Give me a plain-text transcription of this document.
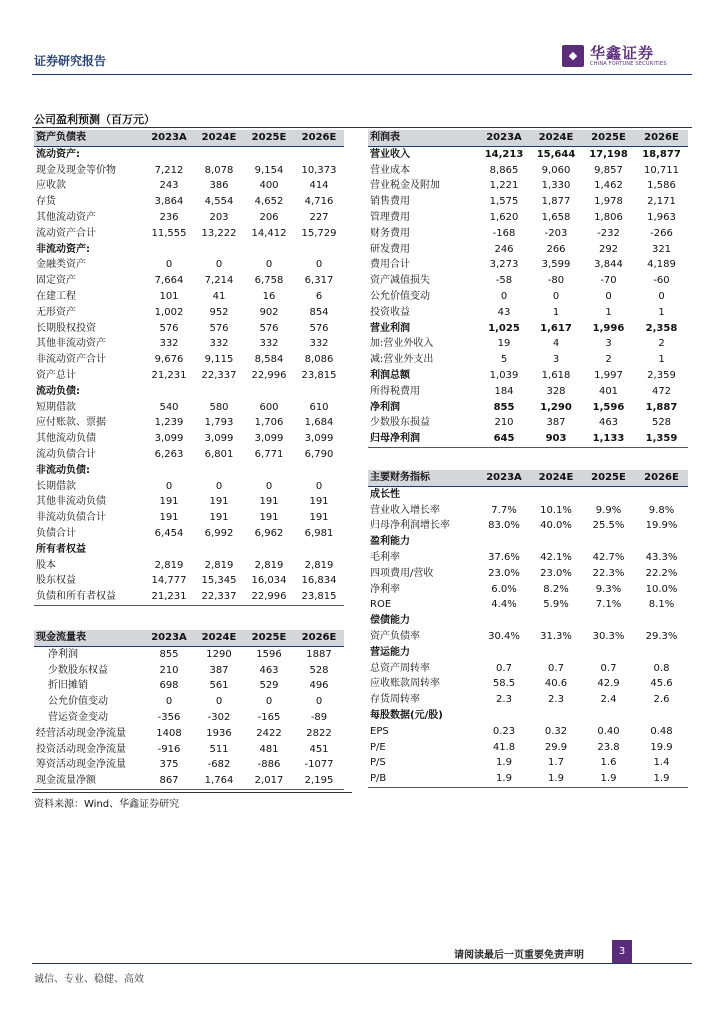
证券研究报告	◆ 华鑫证券
CHINA FORTUNE SECURITIES
公司盈利预测（百万元）
资产负债表	2023A	2024E	2025E	2026E
流动资产:				
现金及现金等价物	7,212	8,078	9,154	10,373
应收款	243	386	400	414
存货	3,864	4,554	4,652	4,716
其他流动资产	236	203	206	227
流动资产合计	11,555	13,222	14,412	15,729
非流动资产:				
金融类资产	0	0	0	0
固定资产	7,664	7,214	6,758	6,317
在建工程	101	41	16	6
无形资产	1,002	952	902	854
长期股权投资	576	576	576	576
其他非流动资产	332	332	332	332
非流动资产合计	9,676	9,115	8,584	8,086
资产总计	21,231	22,337	22,996	23,815
流动负债:				
短期借款	540	580	600	610
应付账款、票据	1,239	1,793	1,706	1,684
其他流动负债	3,099	3,099	3,099	3,099
流动负债合计	6,263	6,801	6,771	6,790
非流动负债:				
长期借款	0	0	0	0
其他非流动负债	191	191	191	191
非流动负债合计	191	191	191	191
负债合计	6,454	6,992	6,962	6,981
所有者权益				
股本	2,819	2,819	2,819	2,819
股东权益	14,777	15,345	16,034	16,834
负债和所有者权益	21,231	22,337	22,996	23,815
现金流量表	2023A	2024E	2025E	2026E
净利润	855	1290	1596	1887
少数股东权益	210	387	463	528
折旧摊销	698	561	529	496
公允价值变动	0	0	0	0
营运资金变动	-356	-302	-165	-89
经营活动现金净流量	1408	1936	2422	2822
投资活动现金净流量	-916	511	481	451
筹资活动现金净流量	375	-682	-886	-1077
现金流量净额	867	1,764	2,017	2,195
利润表	2023A	2024E	2025E	2026E
营业收入	14,213	15,644	17,198	18,877
营业成本	8,865	9,060	9,857	10,711
营业税金及附加	1,221	1,330	1,462	1,586
销售费用	1,575	1,877	1,978	2,171
管理费用	1,620	1,658	1,806	1,963
财务费用	-168	-203	-232	-266
研发费用	246	266	292	321
费用合计	3,273	3,599	3,844	4,189
资产减值损失	-58	-80	-70	-60
公允价值变动	0	0	0	0
投资收益	43	1	1	1
营业利润	1,025	1,617	1,996	2,358
加:营业外收入	19	4	3	2
减:营业外支出	5	3	2	1
利润总额	1,039	1,618	1,997	2,359
所得税费用	184	328	401	472
净利润	855	1,290	1,596	1,887
少数股东损益	210	387	463	528
归母净利润	645	903	1,133	1,359
主要财务指标	2023A	2024E	2025E	2026E
成长性				
营业收入增长率	7.7%	10.1%	9.9%	9.8%
归母净利润增长率	83.0%	40.0%	25.5%	19.9%
盈利能力				
毛利率	37.6%	42.1%	42.7%	43.3%
四项费用/营收	23.0%	23.0%	22.3%	22.2%
净利率	6.0%	8.2%	9.3%	10.0%
ROE	4.4%	5.9%	7.1%	8.1%
偿债能力				
资产负债率	30.4%	31.3%	30.3%	29.3%
营运能力				
总资产周转率	0.7	0.7	0.7	0.8
应收账款周转率	58.5	40.6	42.9	45.6
存货周转率	2.3	2.3	2.4	2.6
每股数据(元/股)				
EPS	0.23	0.32	0.40	0.48
P/E	41.8	29.9	23.8	19.9
P/S	1.9	1.7	1.6	1.4
P/B	1.9	1.9	1.9	1.9
资料来源：Wind、华鑫证券研究
请阅读最后一页重要免责声明	3
诚信、专业、稳健、高效
